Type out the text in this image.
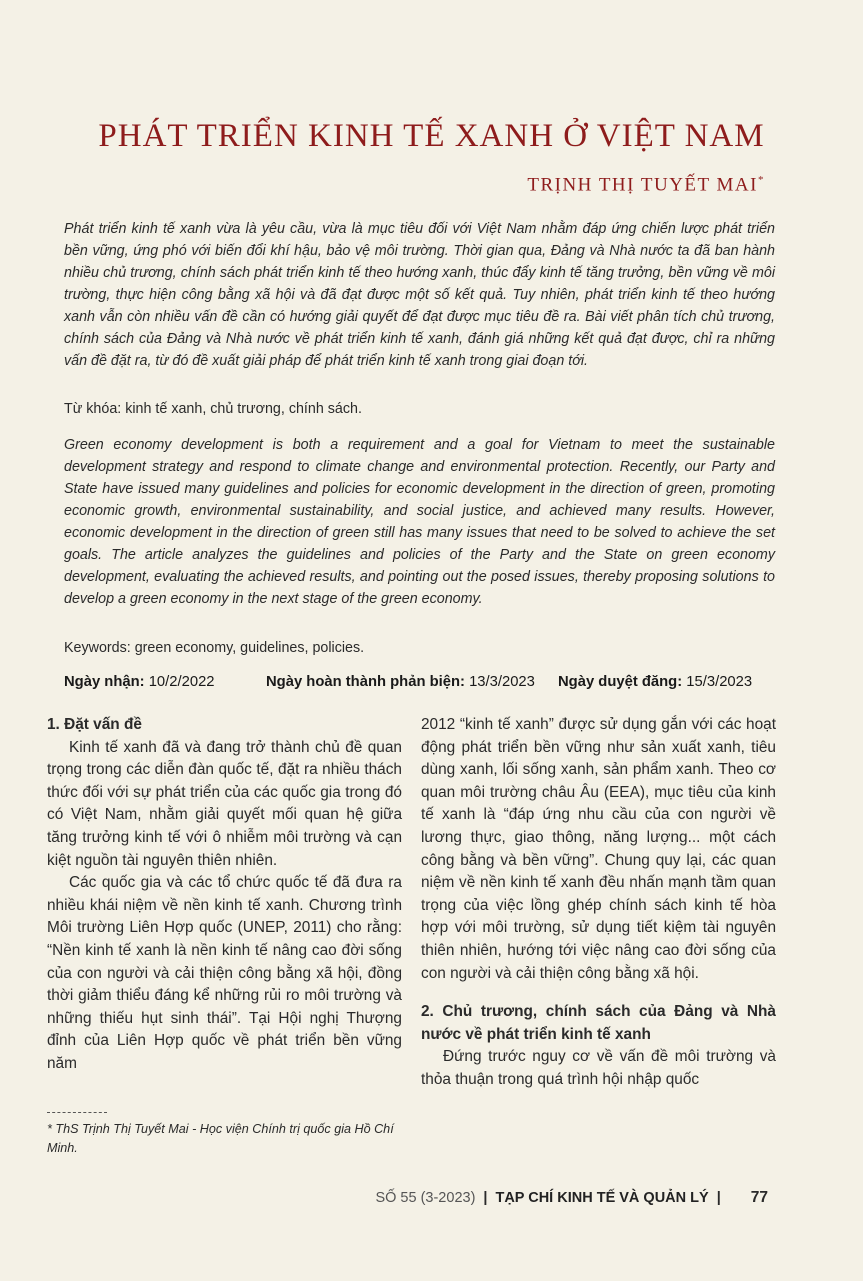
PHÁT TRIỂN KINH TẾ XANH Ở VIỆT NAM
TRỊNH THỊ TUYẾT MAI*

Phát triển kinh tế xanh vừa là yêu cầu, vừa là mục tiêu đối với Việt Nam nhằm đáp ứng chiến lược phát triển bền vững, ứng phó với biến đổi khí hậu, bảo vệ môi trường. Thời gian qua, Đảng và Nhà nước ta đã ban hành nhiều chủ trương, chính sách phát triển kinh tế theo hướng xanh, thúc đẩy kinh tế tăng trưởng, bền vững về môi trường, thực hiện công bằng xã hội và đã đạt được một số kết quả. Tuy nhiên, phát triển kinh tế theo hướng xanh vẫn còn nhiều vấn đề cần có hướng giải quyết để đạt được mục tiêu đề ra. Bài viết phân tích chủ trương, chính sách của Đảng và Nhà nước về phát triển kinh tế xanh, đánh giá những kết quả đạt được, chỉ ra những vấn đề đặt ra, từ đó đề xuất giải pháp để phát triển kinh tế xanh trong giai đoạn tới.

Từ khóa: kinh tế xanh, chủ trương, chính sách.

Green economy development is both a requirement and a goal for Vietnam to meet the sustainable development strategy and respond to climate change and environmental protection. Recently, our Party and State have issued many guidelines and policies for economic development in the direction of green, promoting economic growth, environmental sustainability, and social justice, and achieved many results. However, economic development in the direction of green still has many issues that need to be solved to achieve the set goals. The article analyzes the guidelines and policies of the Party and the State on green economy development, evaluating the achieved results, and pointing out the posed issues, thereby proposing solutions to develop a green economy in the next stage of the green economy.

Keywords: green economy, guidelines, policies.
Ngày nhận: 10/2/2022	Ngày hoàn thành phản biện: 13/3/2023 Ngày duyệt đăng: 15/3/2023
1. Đặt vấn đề

Kinh tế xanh đã và đang trở thành chủ đề quan trọng trong các diễn đàn quốc tế, đặt ra nhiều thách thức đối với sự phát triển của các quốc gia trong đó có Việt Nam, nhằm giải quyết mối quan hệ giữa tăng trưởng kinh tế với ô nhiễm môi trường và cạn kiệt nguồn tài nguyên thiên nhiên.

Các quốc gia và các tổ chức quốc tế đã đưa ra nhiều khái niệm về nền kinh tế xanh. Chương trình Môi trường Liên Hợp quốc (UNEP, 2011) cho rằng: “Nền kinh tế xanh là nền kinh tế nâng cao đời sống của con người và cải thiện công bằng xã hội, đồng thời giảm thiểu đáng kể những rủi ro môi trường và những thiếu hụt sinh thái”. Tại Hội nghị Thượng đỉnh của Liên Hợp quốc về phát triển bền vững năm

2012 “kinh tế xanh” được sử dụng gắn với các hoạt động phát triển bền vững như sản xuất xanh, tiêu dùng xanh, lối sống xanh, sản phẩm xanh. Theo cơ quan môi trường châu Âu (EEA), mục tiêu của kinh tế xanh là “đáp ứng nhu cầu của con người về lương thực, giao thông, năng lượng... một cách công bằng và bền vững”. Chung quy lại, các quan niệm về nền kinh tế xanh đều nhấn mạnh tầm quan trọng của việc lồng ghép chính sách kinh tế hòa hợp với môi trường, sử dụng tiết kiệm tài nguyên thiên nhiên, hướng tới việc nâng cao đời sống của con người và cải thiện công bằng xã hội.

2. Chủ trương, chính sách của Đảng và Nhà nước về phát triển kinh tế xanh

Đứng trước nguy cơ về vấn đề môi trường và thỏa thuận trong quá trình hội nhập quốc

* ThS Trịnh Thị Tuyết Mai - Học viện Chính trị quốc gia Hồ Chí Minh.
SỐ 55 (3-2023) | TẠP CHÍ KINH TẾ VÀ QUẢN LÝ | 77
